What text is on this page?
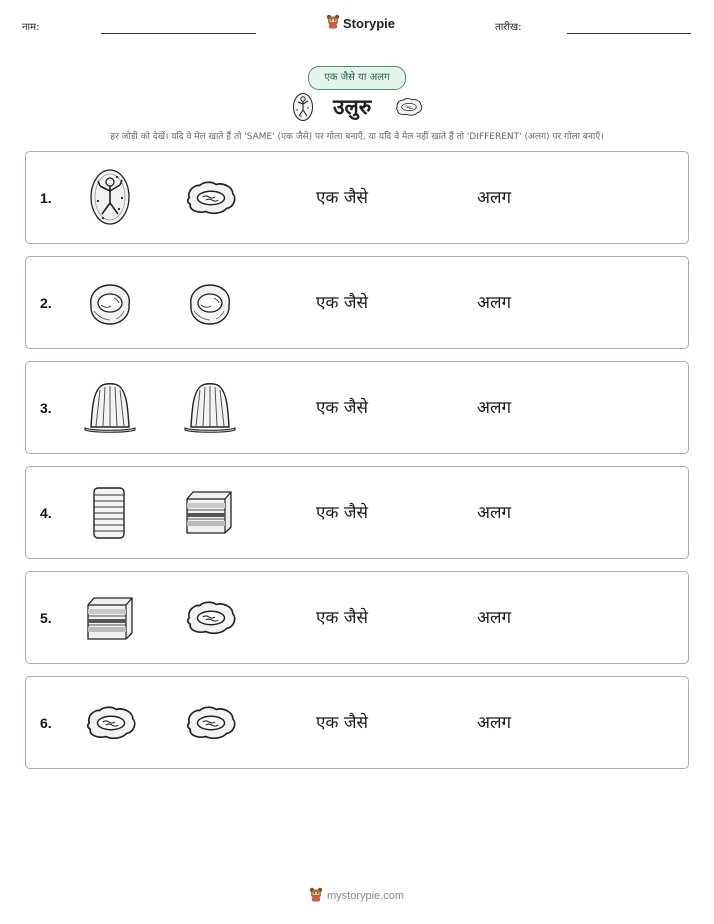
नाम:	Storypie	तारीख:
एक जैसे या अलग
उलुरु
हर जोड़ी को देखें। यदि वे मेल खाते हैं तो 'SAME' (एक जैसे) पर गोला बनाएँ, या यदि वे मेल नहीं खाते हैं तो 'DIFFERENT' (अलग) पर गोला बनाएँ।
1.	एक जैसे	अलग
2.	एक जैसे	अलग
3.	एक जैसे	अलग
4.	एक जैसे	अलग
5.	एक जैसे	अलग
6.	एक जैसे	अलग
mystorypie.com
